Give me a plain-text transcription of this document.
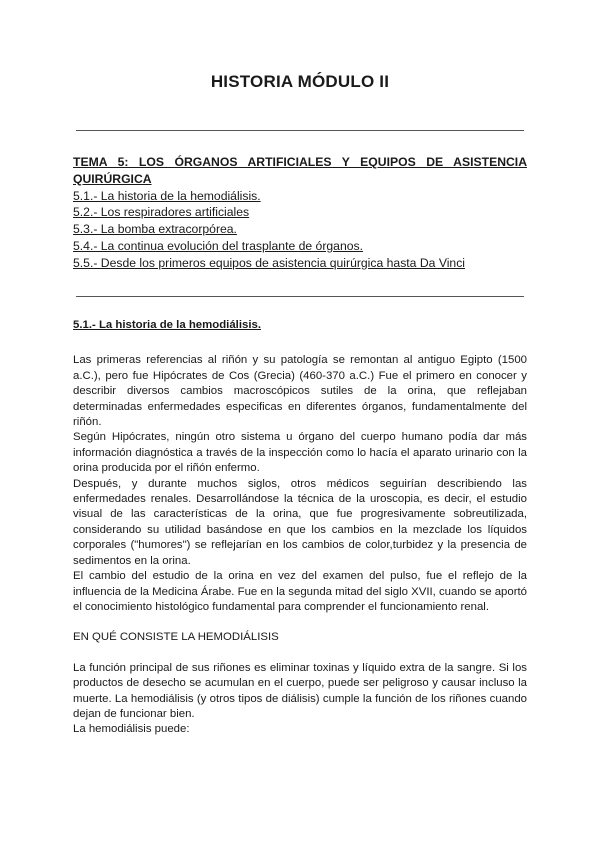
HISTORIA MÓDULO II

TEMA 5: LOS ÓRGANOS ARTIFICIALES Y EQUIPOS DE ASISTENCIA QUIRÚRGICA

5.1.- La historia de la hemodiálisis.

5.2.- Los respiradores artificiales

5.3.- La bomba extracorpórea.

5.4.- La continua evolución del trasplante de órganos.

5.5.- Desde los primeros equipos de asistencia quirúrgica hasta Da Vinci

5.1.- La historia de la hemodiálisis.

Las primeras referencias al riñón y su patología se remontan al antiguo Egipto (1500 a.C.), pero fue Hipócrates de Cos (Grecia) (460-370 a.C.) Fue el primero en conocer y describir diversos cambios macroscópicos sutiles de la orina, que reflejaban determinadas enfermedades especificas en diferentes órganos, fundamentalmente del riñón.

Según Hipócrates, ningún otro sistema u órgano del cuerpo humano podía dar más información diagnóstica a través de la inspección como lo hacía el aparato urinario con la orina producida por el riñón enfermo.

Después, y durante muchos siglos, otros médicos seguirían describiendo las enfermedades renales. Desarrollándose la técnica de la uroscopia, es decir, el estudio visual de las características de la orina, que fue progresivamente sobreutilizada, considerando su utilidad basándose en que los cambios en la mezclade los líquidos corporales ("humores") se reflejarían en los cambios de color,turbidez y la presencia de sedimentos en la orina.

El cambio del estudio de la orina en vez del examen del pulso, fue el reflejo de la influencia de la Medicina Árabe. Fue en la segunda mitad del siglo XVII, cuando se aportó el conocimiento histológico fundamental para comprender el funcionamiento renal.

EN QUÉ CONSISTE LA HEMODIÁLISIS

La función principal de sus riñones es eliminar toxinas y líquido extra de la sangre. Si los productos de desecho se acumulan en el cuerpo, puede ser peligroso y causar incluso la muerte. La hemodiálisis (y otros tipos de diálisis) cumple la función de los riñones cuando dejan de funcionar bien.

La hemodiálisis puede:
